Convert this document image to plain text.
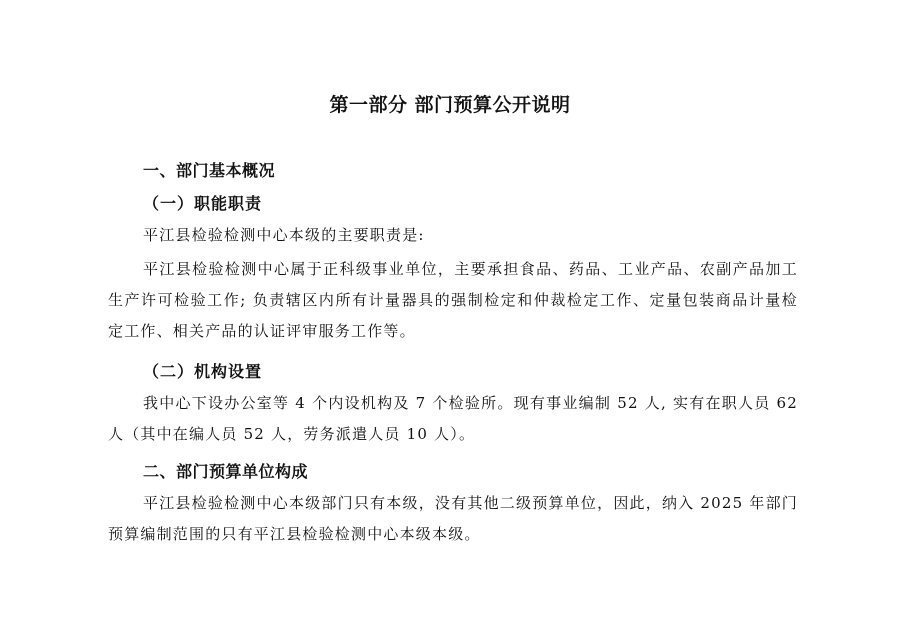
第一部分 部门预算公开说明
一、部门基本概况
（一）职能职责

平江县检验检测中心本级的主要职责是:

平江县检验检测中心属于正科级事业单位，主要承担食品、药品、工业产品、农副产品加工生产许可检验工作; 负责辖区内所有计量器具的强制检定和仲裁检定工作、定量包装商品计量检定工作、相关产品的认证评审服务工作等。

（二）机构设置

我中心下设办公室等 4 个内设机构及 7 个检验所。现有事业编制 52 人, 实有在职人员 62 人（其中在编人员 52 人，劳务派遣人员 10 人）。

二、部门预算单位构成

平江县检验检测中心本级部门只有本级，没有其他二级预算单位，因此，纳入 2025 年部门预算编制范围的只有平江县检验检测中心本级本级。
